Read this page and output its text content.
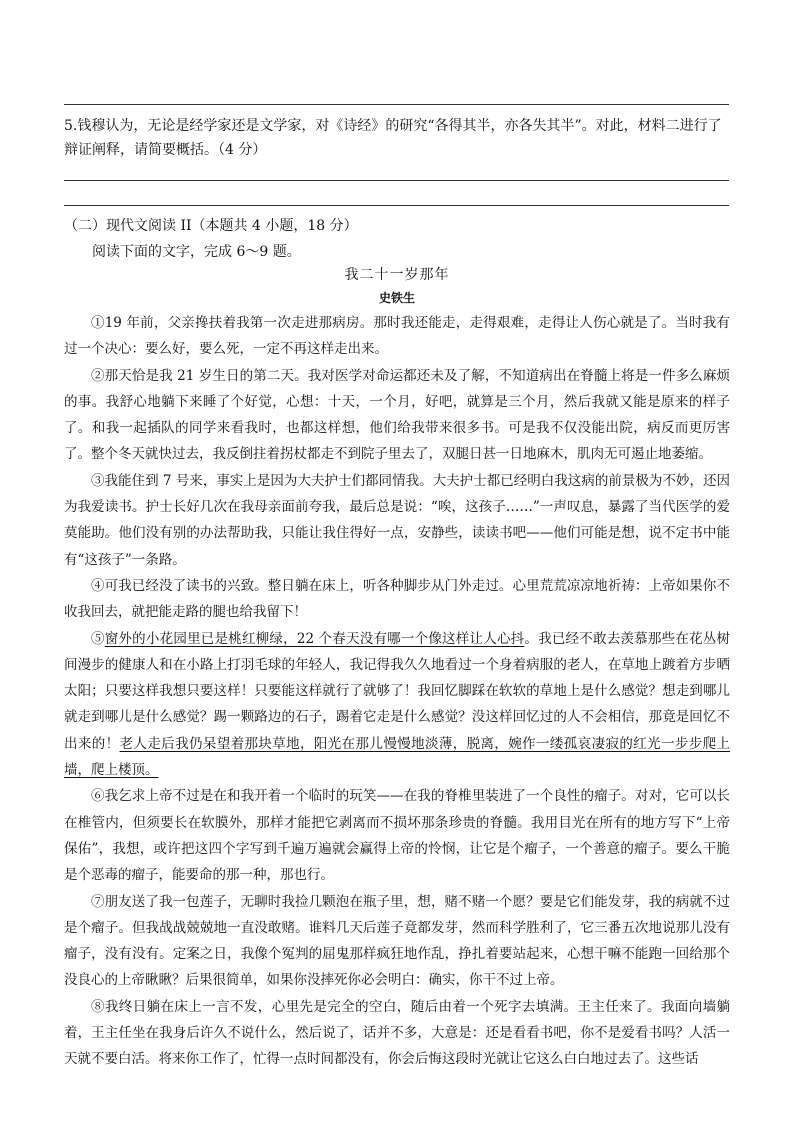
5.钱穆认为，无论是经学家还是文学家，对《诗经》的研究“各得其半，亦各失其半”。对此，材料二进行了辩证阐释，请简要概括。（4 分）
（二）现代文阅读 II（本题共 4 小题，18 分）
阅读下面的文字，完成 6～9 题。
我二十一岁那年
史铁生

①19 年前，父亲搀扶着我第一次走进那病房。那时我还能走，走得艰难，走得让人伤心就是了。当时我有过一个决心：要么好，要么死，一定不再这样走出来。

②那天恰是我 21 岁生日的第二天。我对医学对命运都还未及了解，不知道病出在脊髓上将是一件多么麻烦的事。我舒心地躺下来睡了个好觉，心想：十天，一个月，好吧，就算是三个月，然后我就又能是原来的样子了。和我一起插队的同学来看我时，也都这样想，他们给我带来很多书。可是我不仅没能出院，病反而更厉害了。整个冬天就快过去，我反倒拄着拐杖都走不到院子里去了，双腿日甚一日地麻木，肌肉无可遏止地萎缩。

③我能住到 7 号来，事实上是因为大夫护士们都同情我。大夫护士都已经明白我这病的前景极为不妙，还因为我爱读书。护士长好几次在我母亲面前夸我，最后总是说：“唉，这孩子……”一声叹息，暴露了当代医学的爱莫能助。他们没有别的办法帮助我，只能让我住得好一点，安静些，读读书吧——他们可能是想，说不定书中能有“这孩子”一条路。

④可我已经没了读书的兴致。整日躺在床上，听各种脚步从门外走过。心里荒荒凉凉地祈祷：上帝如果你不收我回去，就把能走路的腿也给我留下！

⑤窗外的小花园里已是桃红柳绿，22 个春天没有哪一个像这样让人心抖。我已经不敢去羡慕那些在花丛树间漫步的健康人和在小路上打羽毛球的年轻人，我记得我久久地看过一个身着病服的老人，在草地上踱着方步晒太阳；只要这样我想只要这样！只要能这样就行了就够了！我回忆脚踩在软软的草地上是什么感觉？想走到哪儿就走到哪儿是什么感觉？踢一颗路边的石子，踢着它走是什么感觉？没这样回忆过的人不会相信，那竟是回忆不出来的！老人走后我仍呆望着那块草地，阳光在那儿慢慢地淡薄，脱离，婉作一缕孤哀凄寂的红光一步步爬上墙，爬上楼顶。

⑥我乞求上帝不过是在和我开着一个临时的玩笑——在我的脊椎里装进了一个良性的瘤子。对对，它可以长在椎管内，但须要长在软膜外，那样才能把它剥离而不损坏那条珍贵的脊髓。我用目光在所有的地方写下“上帝保佑”，我想，或许把这四个字写到千遍万遍就会赢得上帝的怜悯，让它是个瘤子，一个善意的瘤子。要么干脆是个恶毒的瘤子，能要命的那一种，那也行。

⑦朋友送了我一包莲子，无聊时我捡几颗泡在瓶子里，想，赌不赌一个愿？要是它们能发芽，我的病就不过是个瘤子。但我战战兢兢地一直没敢赌。谁料几天后莲子竟都发芽，然而科学胜利了，它三番五次地说那儿没有瘤子，没有没有。定案之日，我像个冤判的屈鬼那样疯狂地作乱，挣扎着要站起来，心想干嘛不能跑一回给那个没良心的上帝瞅瞅？后果很简单，如果你没摔死你必会明白：确实，你干不过上帝。

⑧我终日躺在床上一言不发，心里先是完全的空白，随后由着一个死字去填满。王主任来了。我面向墙躺着，王主任坐在我身后许久不说什么，然后说了，话并不多，大意是：还是看看书吧，你不是爱看书吗？人活一天就不要白活。将来你工作了，忙得一点时间都没有，你会后悔这段时光就让它这么白白地过去了。这些话
